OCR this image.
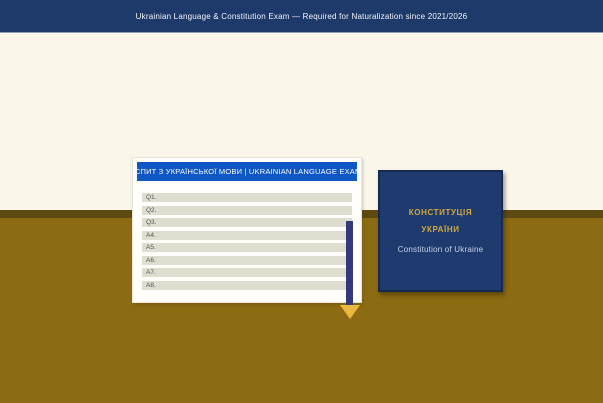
Ukrainian Language & Constitution Exam — Required for Naturalization since 2021/2026
ІСПИТ З УКРАЇНСЬКОЇ МОВИ | UKRAINIAN LANGUAGE EXAM
Q1.
Q2.
Q3.
A4.
A5.
A6.
A7.
A8.
КОНСТИТУЦІЯ
УКРАЇНИ
Constitution of Ukraine
